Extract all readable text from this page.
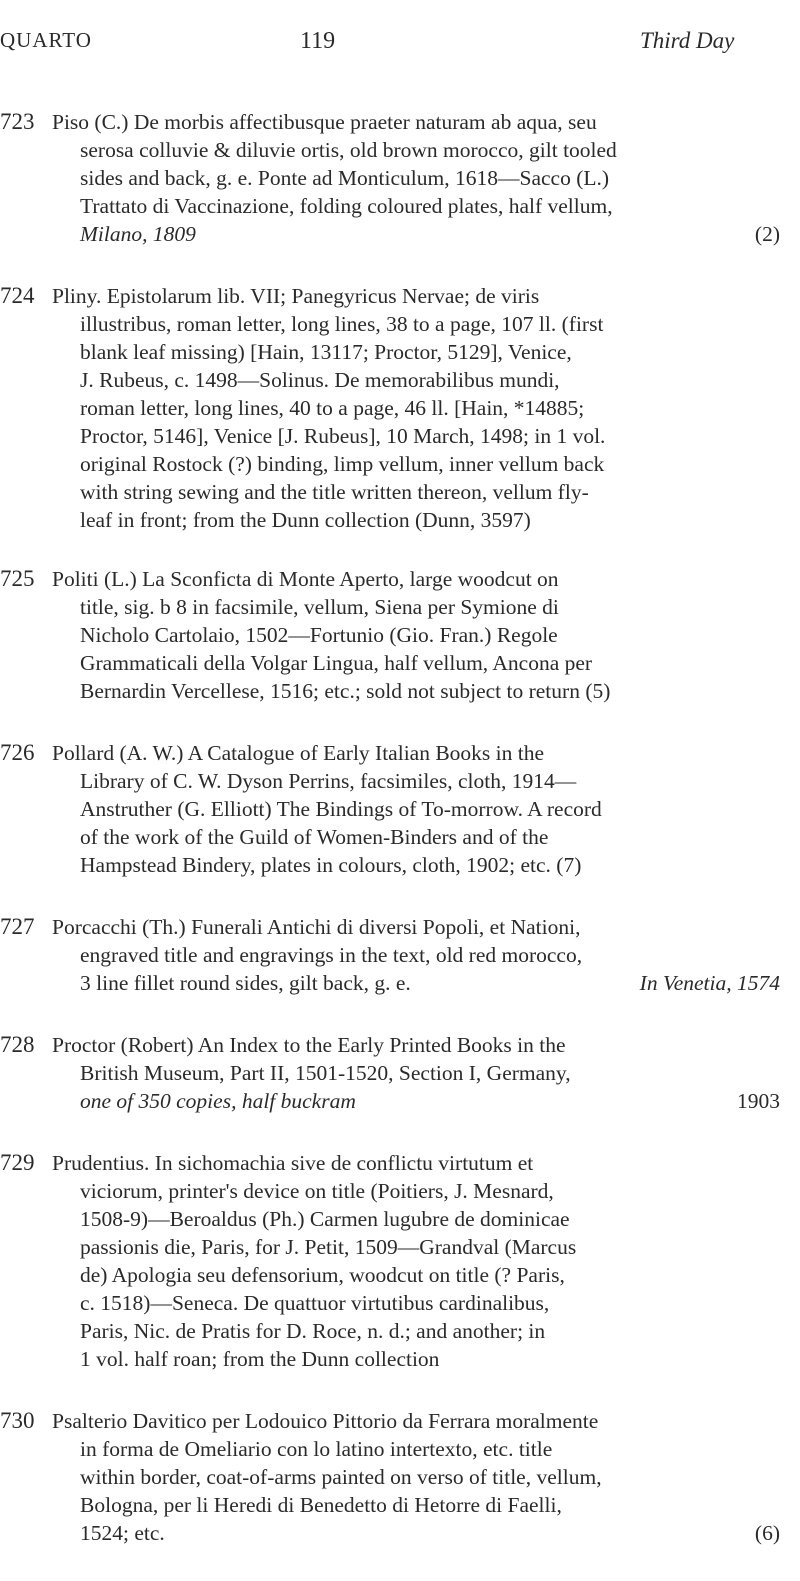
QUARTO	119	Third Day
723 Piso (C.) De morbis affectibusque praeter naturam ab aqua, seu
serosa colluvie & diluvie ortis, old brown morocco, gilt tooled
sides and back, g. e. Ponte ad Monticulum, 1618—Sacco (L.)
Trattato di Vaccinazione, folding coloured plates, half vellum,
Milano, 1809	(2)
724 Pliny. Epistolarum lib. VII; Panegyricus Nervae; de viris
illustribus, roman letter, long lines, 38 to a page, 107 ll. (first
blank leaf missing) [Hain, 13117; Proctor, 5129], Venice,
J. Rubeus, c. 1498—Solinus. De memorabilibus mundi,
roman letter, long lines, 40 to a page, 46 ll. [Hain, *14885;
Proctor, 5146], Venice [J. Rubeus], 10 March, 1498; in 1 vol.
original Rostock (?) binding, limp vellum, inner vellum back
with string sewing and the title written thereon, vellum fly-
leaf in front; from the Dunn collection (Dunn, 3597)
725 Politi (L.) La Sconficta di Monte Aperto, large woodcut on
title, sig. b 8 in facsimile, vellum, Siena per Symione di
Nicholo Cartolaio, 1502—Fortunio (Gio. Fran.) Regole
Grammaticali della Volgar Lingua, half vellum, Ancona per
Bernardin Vercellese, 1516; etc.; sold not subject to return (5)
726 Pollard (A. W.) A Catalogue of Early Italian Books in the
Library of C. W. Dyson Perrins, facsimiles, cloth, 1914—
Anstruther (G. Elliott) The Bindings of To-morrow. A record
of the work of the Guild of Women-Binders and of the
Hampstead Bindery, plates in colours, cloth, 1902; etc. (7)
727 Porcacchi (Th.) Funerali Antichi di diversi Popoli, et Nationi,
engraved title and engravings in the text, old red morocco,
3 line fillet round sides, gilt back, g. e.	In Venetia, 1574
728 Proctor (Robert) An Index to the Early Printed Books in the
British Museum, Part II, 1501-1520, Section I, Germany,
one of 350 copies, half buckram	1903
729 Prudentius. In sichomachia sive de conflictu virtutum et
viciorum, printer's device on title (Poitiers, J. Mesnard,
1508-9)—Beroaldus (Ph.) Carmen lugubre de dominicae
passionis die, Paris, for J. Petit, 1509—Grandval (Marcus
de) Apologia seu defensorium, woodcut on title (? Paris,
c. 1518)—Seneca. De quattuor virtutibus cardinalibus,
Paris, Nic. de Pratis for D. Roce, n. d.; and another; in
1 vol. half roan; from the Dunn collection
730 Psalterio Davitico per Lodouico Pittorio da Ferrara moralmente
in forma de Omeliario con lo latino intertexto, etc. title
within border, coat-of-arms painted on verso of title, vellum,
Bologna, per li Heredi di Benedetto di Hetorre di Faelli,
1524; etc.	(6)
